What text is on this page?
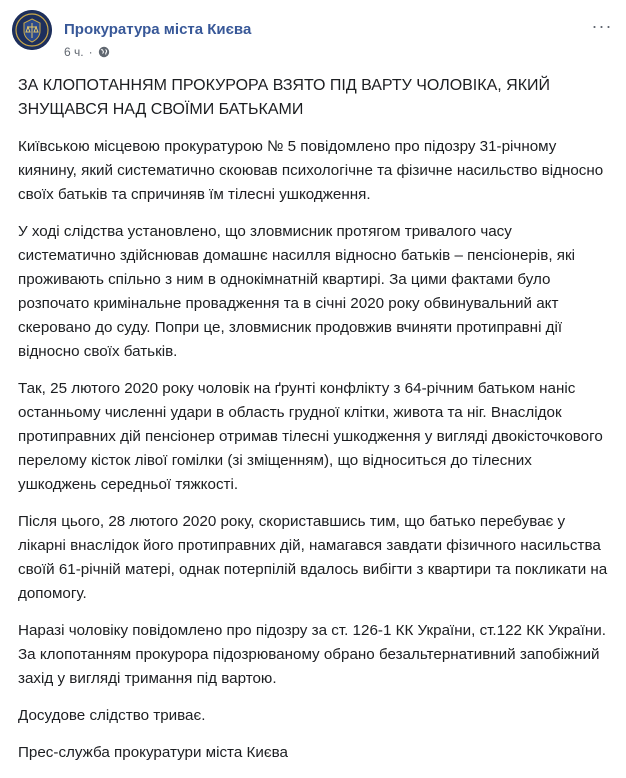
Прокуратура міста Києва
6 ч. ·
···

ЗА КЛОПОТАННЯМ ПРОКУРОРА ВЗЯТО ПІД ВАРТУ ЧОЛОВІКА, ЯКИЙ ЗНУЩАВСЯ НАД СВОЇМИ БАТЬКАМИ

Київською місцевою прокуратурою № 5 повідомлено про підозру 31-річному киянину, який систематично скоював психологічне та фізичне насильство відносно своїх батьків та спричиняв їм тілесні ушкодження.

У ході слідства установлено, що зловмисник протягом тривалого часу систематично здійснював домашнє насилля відносно батьків – пенсіонерів, які проживають спільно з ним в однокімнатній квартирі. За цими фактами було розпочато кримінальне провадження та в січні 2020 року обвинувальний акт скеровано до суду. Попри це, зловмисник продовжив вчиняти протиправні дії відносно своїх батьків.

Так, 25 лютого 2020 року чоловік на ґрунті конфлікту з 64-річним батьком наніс останньому численні удари в область грудної клітки, живота та ніг. Внаслідок протиправних дій пенсіонер отримав тілесні ушкодження у вигляді двокісточкового перелому кісток лівої гомілки (зі зміщенням), що відноситься до тілесних ушкоджень середньої тяжкості.

Після цього, 28 лютого 2020 року, скориставшись тим, що батько перебуває у лікарні внаслідок його протиправних дій, намагався завдати фізичного насильства своїй 61-річній матері, однак потерпілій вдалось вибігти з квартири та покликати на допомогу.

Наразі чоловіку повідомлено про підозру за ст. 126-1 КК України, ст.122 КК України. За клопотанням прокурора підозрюваному обрано безальтернативний запобіжний захід у вигляді тримання під вартою.

Досудове слідство триває.

Прес-служба прокуратури міста Києва
